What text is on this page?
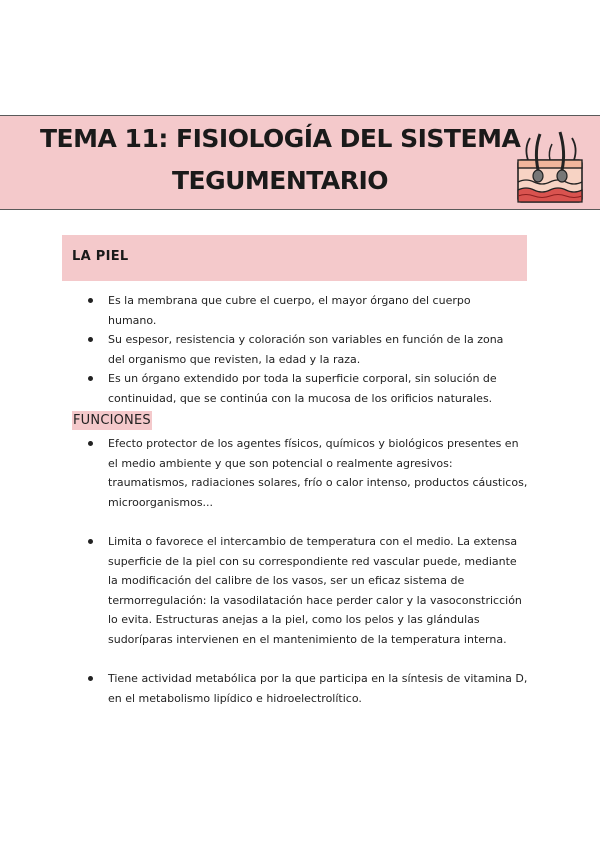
TEMA 11: FISIOLOGÍA DEL SISTEMA
TEGUMENTARIO
LA PIEL
Es la membrana que cubre el cuerpo, el mayor órgano del cuerpo humano.
Su espesor, resistencia y coloración son variables en función de la zona del organismo que revisten, la edad y la raza.
Es un órgano extendido por toda la superficie corporal, sin solución de continuidad, que se continúa con la mucosa de los orificios naturales.
FUNCIONES
Efecto protector de los agentes físicos, químicos y biológicos presentes en el medio ambiente y que son potencial o realmente agresivos: traumatismos, radiaciones solares, frío o calor intenso, productos cáusticos, microorganismos...
Limita o favorece el intercambio de temperatura con el medio. La extensa superficie de la piel con su correspondiente red vascular puede, mediante la modificación del calibre de los vasos, ser un eficaz sistema de termorregulación: la vasodilatación hace perder calor y la vasoconstricción lo evita. Estructuras anejas a la piel, como los pelos y las glándulas sudoríparas intervienen en el mantenimiento de la temperatura interna.
Tiene actividad metabólica por la que participa en la síntesis de vitamina D, en el metabolismo lipídico e hidroelectrolítico.
